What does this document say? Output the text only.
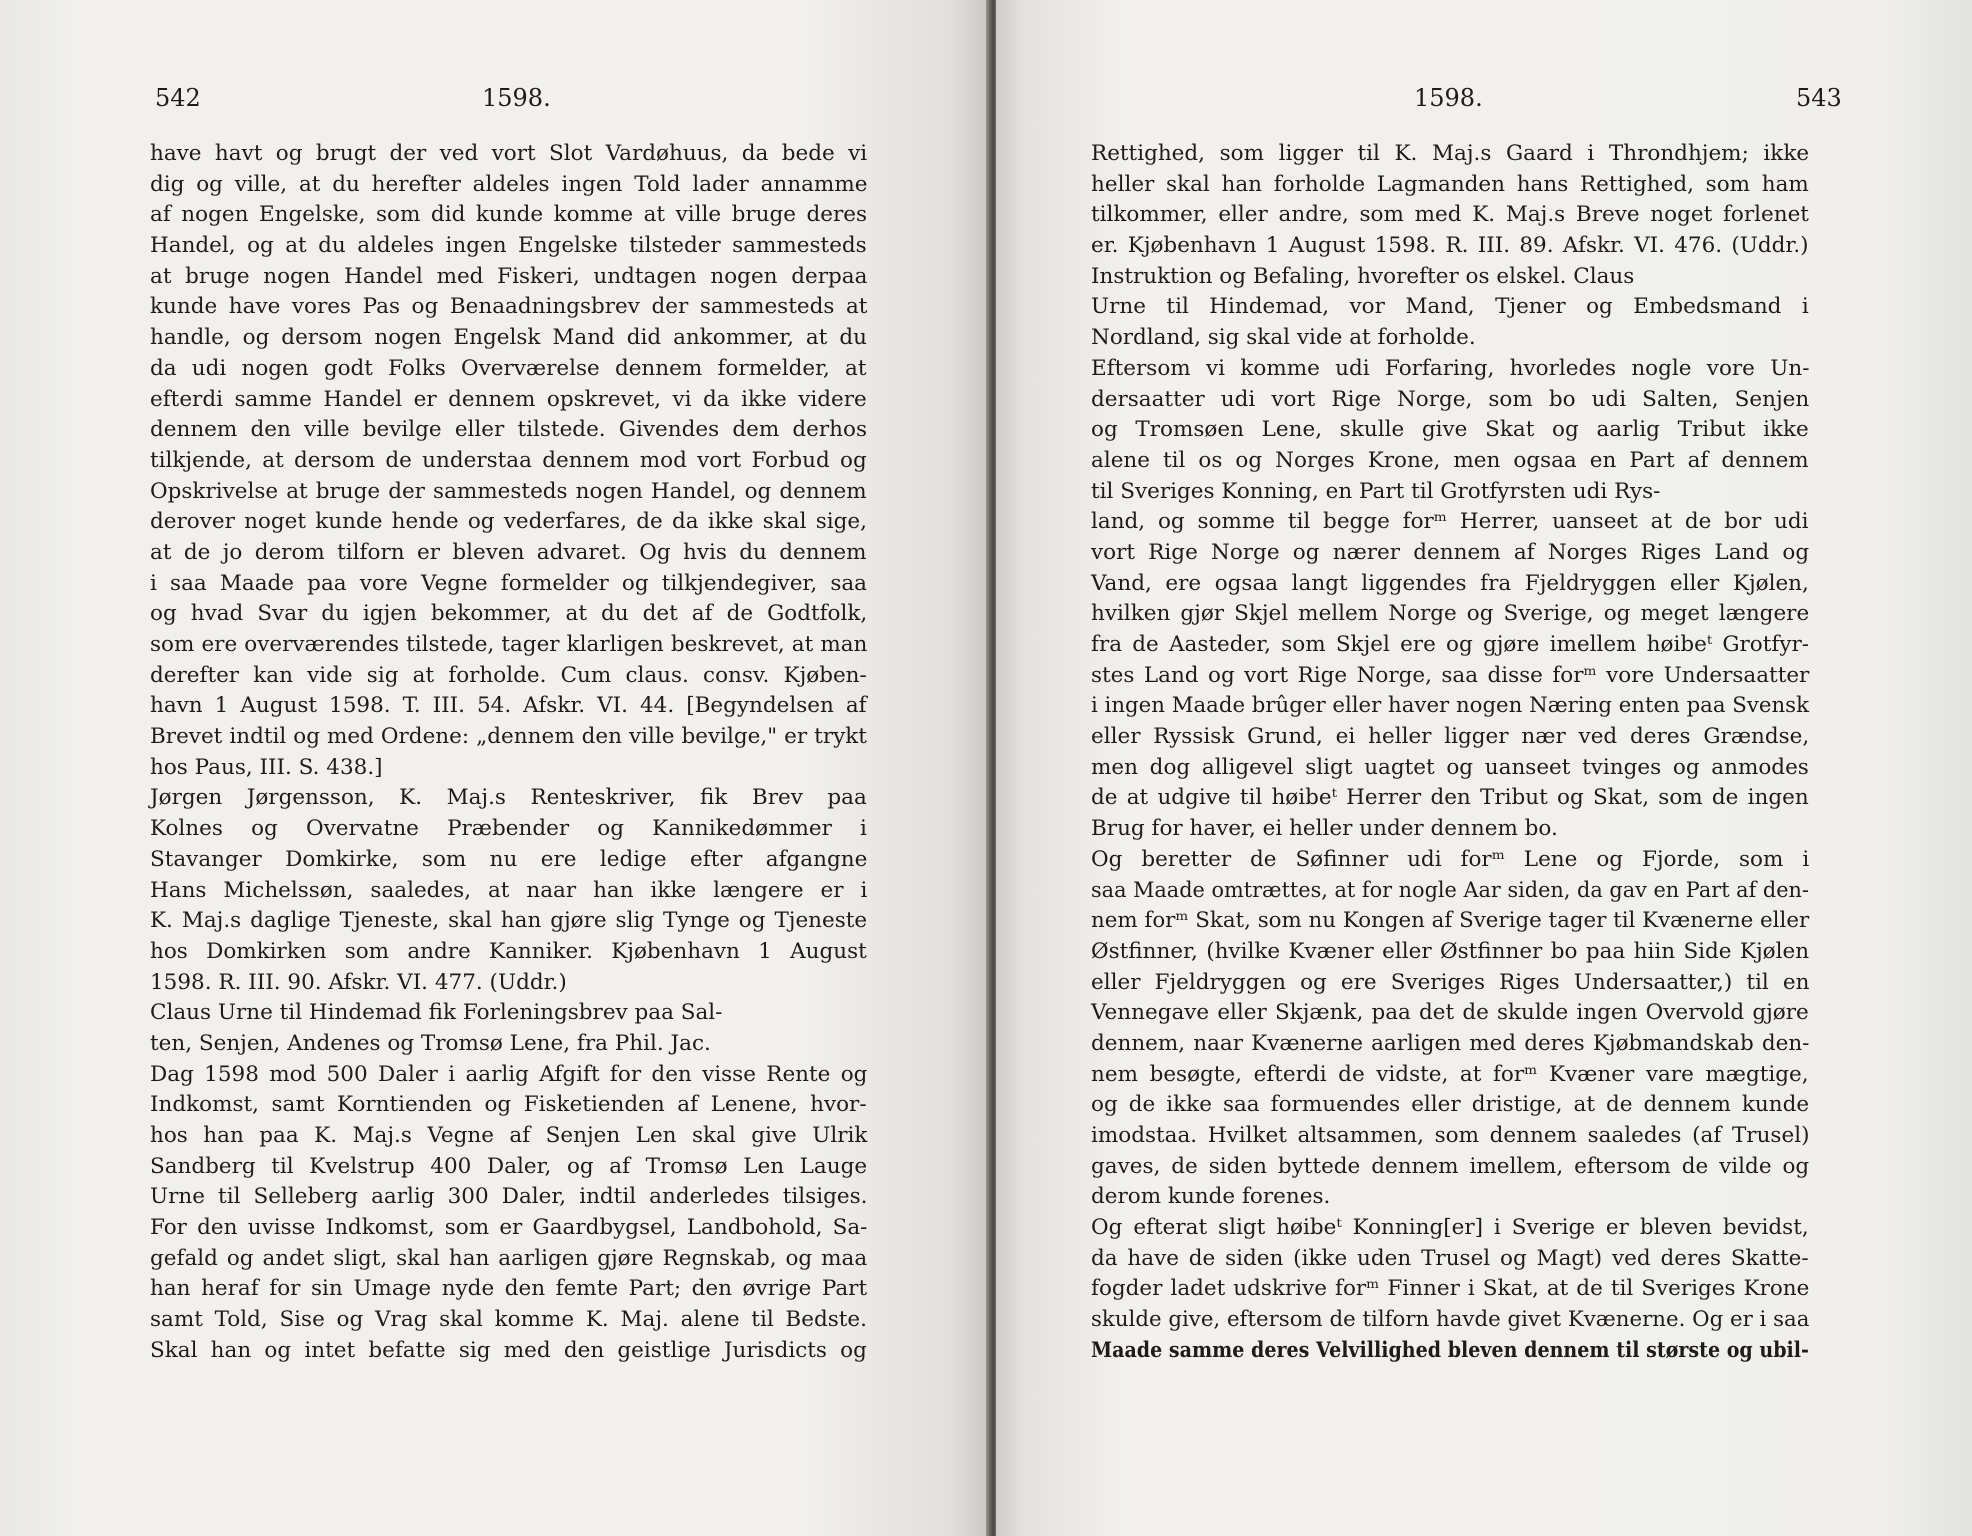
542	1598.
have havt og brugt der ved vort Slot Vardøhuus, da bede vi
dig og ville, at du herefter aldeles ingen Told lader annamme
af nogen Engelske, som did kunde komme at ville bruge deres
Handel, og at du aldeles ingen Engelske tilsteder sammesteds
at bruge nogen Handel med Fiskeri, undtagen nogen derpaa
kunde have vores Pas og Benaadningsbrev der sammesteds at
handle, og dersom nogen Engelsk Mand did ankommer, at du
da udi nogen godt Folks Overværelse dennem formelder, at
efterdi samme Handel er dennem opskrevet, vi da ikke videre
dennem den ville bevilge eller tilstede. Givendes dem derhos
tilkjende, at dersom de understaa dennem mod vort Forbud og
Opskrivelse at bruge der sammesteds nogen Handel, og dennem
derover noget kunde hende og vederfares, de da ikke skal sige,
at de jo derom tilforn er bleven advaret. Og hvis du dennem
i saa Maade paa vore Vegne formelder og tilkjendegiver, saa
og hvad Svar du igjen bekommer, at du det af de Godtfolk,
som ere overværendes tilstede, tager klarligen beskrevet, at man
derefter kan vide sig at forholde. Cum claus. consv. Kjøben-
havn 1 August 1598. T. III. 54. Afskr. VI. 44. [Begyndelsen af
Brevet indtil og med Ordene: „dennem den ville bevilge," er trykt
hos Paus, III. S. 438.]
Jørgen Jørgensson, K. Maj.s Renteskriver, fik Brev paa
Kolnes og Overvatne Præbender og Kannikedømmer i
Stavanger Domkirke, som nu ere ledige efter afgangne
Hans Michelssøn, saaledes, at naar han ikke længere er i
K. Maj.s daglige Tjeneste, skal han gjøre slig Tynge og Tjeneste
hos Domkirken som andre Kanniker. Kjøbenhavn 1 August
1598. R. III. 90. Afskr. VI. 477. (Uddr.)
Claus Urne til Hindemad fik Forleningsbrev paa Sal-
ten, Senjen, Andenes og Tromsø Lene, fra Phil. Jac.
Dag 1598 mod 500 Daler i aarlig Afgift for den visse Rente og
Indkomst, samt Korntienden og Fisketienden af Lenene, hvor-
hos han paa K. Maj.s Vegne af Senjen Len skal give Ulrik
Sandberg til Kvelstrup 400 Daler, og af Tromsø Len Lauge
Urne til Selleberg aarlig 300 Daler, indtil anderledes tilsiges.
For den uvisse Indkomst, som er Gaardbygsel, Landbohold, Sa-
gefald og andet sligt, skal han aarligen gjøre Regnskab, og maa
han heraf for sin Umage nyde den femte Part; den øvrige Part
samt Told, Sise og Vrag skal komme K. Maj. alene til Bedste.
Skal han og intet befatte sig med den geistlige Jurisdicts og
1598.	543
Rettighed, som ligger til K. Maj.s Gaard i Throndhjem; ikke
heller skal han forholde Lagmanden hans Rettighed, som ham
tilkommer, eller andre, som med K. Maj.s Breve noget forlenet
er. Kjøbenhavn 1 August 1598. R. III. 89. Afskr. VI. 476. (Uddr.)
Instruktion og Befaling, hvorefter os elskel. Claus
Urne til Hindemad, vor Mand, Tjener og Embedsmand i
Nordland, sig skal vide at forholde.
Eftersom vi komme udi Forfaring, hvorledes nogle vore Un-
dersaatter udi vort Rige Norge, som bo udi Salten, Senjen
og Tromsøen Lene, skulle give Skat og aarlig Tribut ikke
alene til os og Norges Krone, men ogsaa en Part af dennem
til Sveriges Konning, en Part til Grotfyrsten udi Rys-
land, og somme til begge forᵐ Herrer, uanseet at de bor udi
vort Rige Norge og nærer dennem af Norges Riges Land og
Vand, ere ogsaa langt liggendes fra Fjeldryggen eller Kjølen,
hvilken gjør Skjel mellem Norge og Sverige, og meget længere
fra de Aasteder, som Skjel ere og gjøre imellem høibeᵗ Grotfyr-
stes Land og vort Rige Norge, saa disse forᵐ vore Undersaatter
i ingen Maade brûger eller haver nogen Næring enten paa Svensk
eller Ryssisk Grund, ei heller ligger nær ved deres Grændse,
men dog alligevel sligt uagtet og uanseet tvinges og anmodes
de at udgive til høibeᵗ Herrer den Tribut og Skat, som de ingen
Brug for haver, ei heller under dennem bo.
Og beretter de Søfinner udi forᵐ Lene og Fjorde, som i
saa Maade omtrættes, at for nogle Aar siden, da gav en Part af den-
nem forᵐ Skat, som nu Kongen af Sverige tager til Kvænerne eller
Østfinner, (hvilke Kvæner eller Østfinner bo paa hiin Side Kjølen
eller Fjeldryggen og ere Sveriges Riges Undersaatter,) til en
Vennegave eller Skjænk, paa det de skulde ingen Overvold gjøre
dennem, naar Kvænerne aarligen med deres Kjøbmandskab den-
nem besøgte, efterdi de vidste, at forᵐ Kvæner vare mægtige,
og de ikke saa formuendes eller dristige, at de dennem kunde
imodstaa. Hvilket altsammen, som dennem saaledes (af Trusel)
gaves, de siden byttede dennem imellem, eftersom de vilde og
derom kunde forenes.
Og efterat sligt høibeᵗ Konning[er] i Sverige er bleven bevidst,
da have de siden (ikke uden Trusel og Magt) ved deres Skatte-
fogder ladet udskrive forᵐ Finner i Skat, at de til Sveriges Krone
skulde give, eftersom de tilforn havde givet Kvænerne. Og er i saa
Maade samme deres Velvillighed bleven dennem til største og ubil-
